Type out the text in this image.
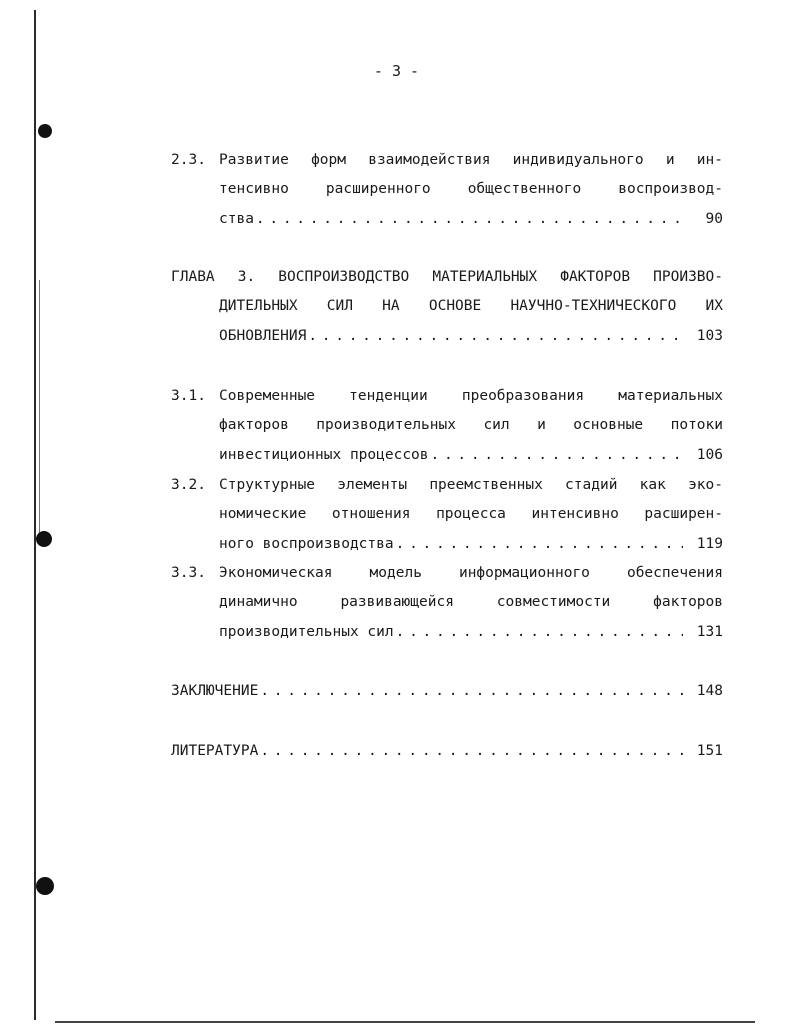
- 3 -
2.3. Развитие форм взаимодействия индивидуального и ин-
тенсивно расширенного общественного воспроизвод-
ства . . .	90
ГЛАВА 3. ВОСПРОИЗВОДСТВО МАТЕРИАЛЬНЫХ ФАКТОРОВ ПРОИЗВО-
ДИТЕЛЬНЫХ СИЛ НА ОСНОВЕ НАУЧНО-ТЕХНИЧЕСКОГО ИХ
ОБНОВЛЕНИЯ . . .	103
3.1. Современные тенденции преобразования материальных
факторов производительных сил и основные потоки
инвестиционных процессов . . .	106
3.2. Структурные элементы преемственных стадий как эко-
номические отношения процесса интенсивно расширен-
ного воспроизводства . . .	119
3.3. Экономическая модель информационного обеспечения
динамично развивающейся совместимости факторов
производительных сил . . .	131
ЗАКЛЮЧЕНИЕ . . .	148
ЛИТЕРАТУРА . . .	151
